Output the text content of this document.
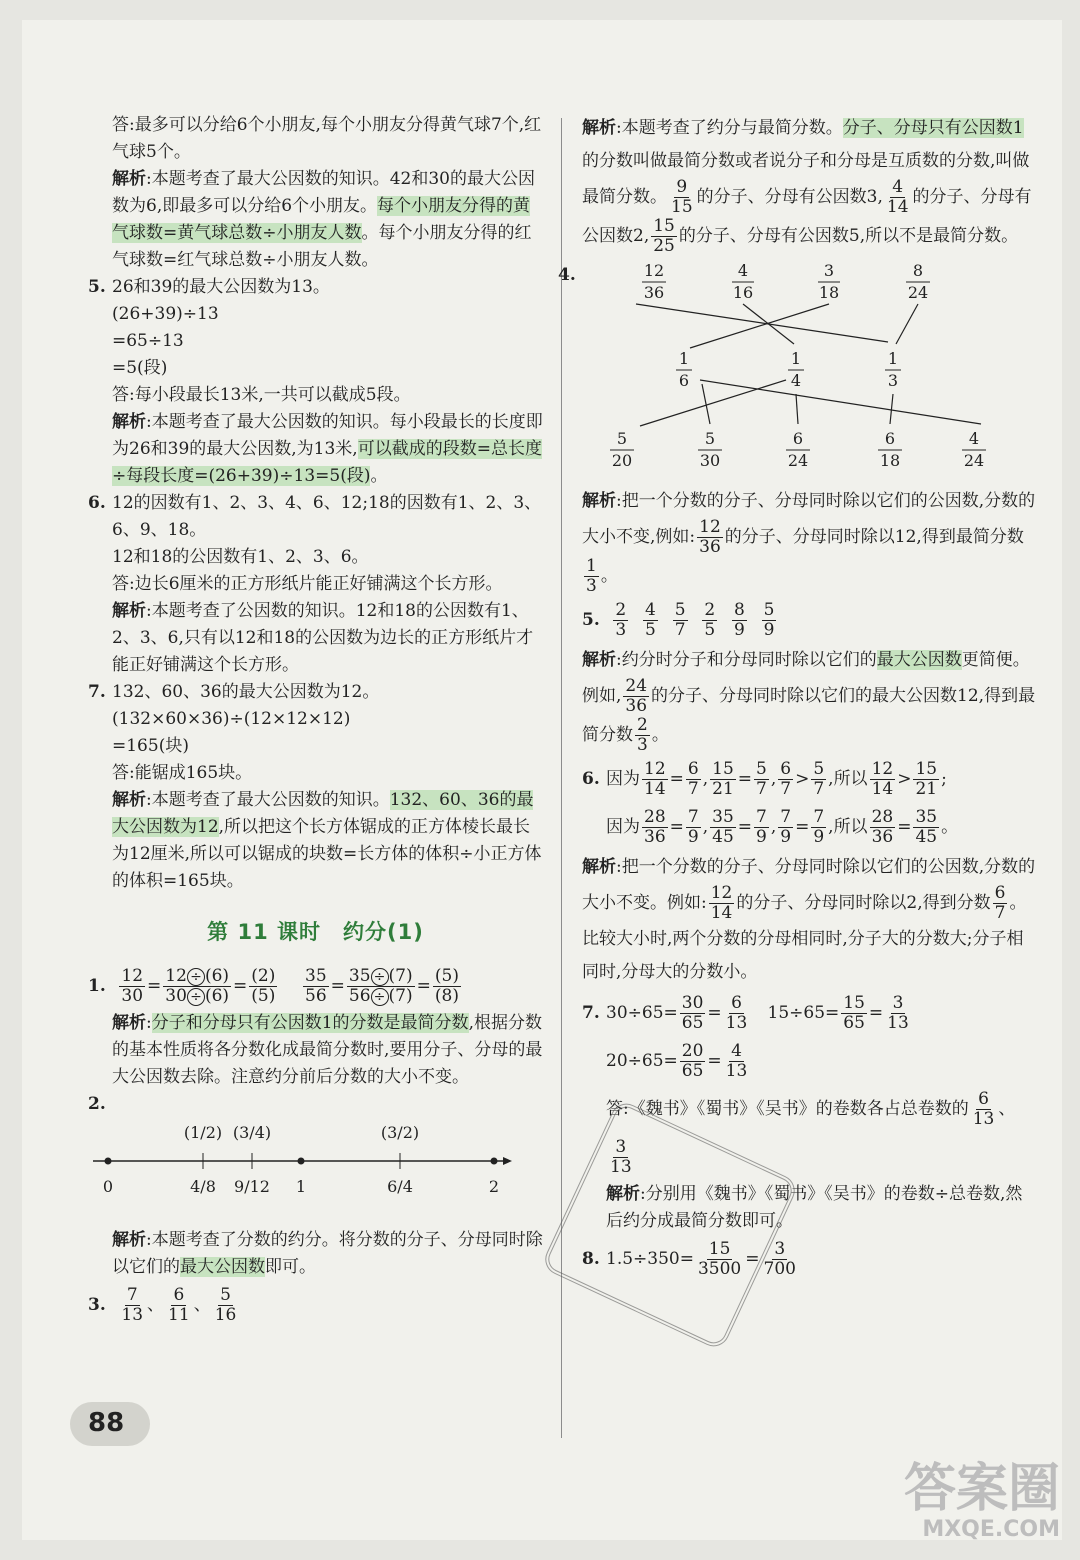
答:最多可以分给6个小朋友,每个小朋友分得黄气球7个,红气球5个。

解析:本题考查了最大公因数的知识。42和30的最大公因数为6,即最多可以分给6个小朋友。每个小朋友分得的黄气球数=黄气球总数÷小朋友人数。每个小朋友分得的红气球数=红气球总数÷小朋友人数。

5. 26和39的最大公因数为13。

(26+39)÷13

=65÷13

=5(段)

答:每小段最长13米,一共可以截成5段。

解析:本题考查了最大公因数的知识。每小段最长的长度即为26和39的最大公因数,为13米,可以截成的段数=总长度÷每段长度=(26+39)÷13=5(段)。

6. 12的因数有1、2、3、4、6、12;18的因数有1、2、3、6、9、18。

12和18的公因数有1、2、3、6。

答:边长6厘米的正方形纸片能正好铺满这个长方形。

解析:本题考查了公因数的知识。12和18的公因数有1、2、3、6,只有以12和18的公因数为边长的正方形纸片才能正好铺满这个长方形。

7. 132、60、36的最大公因数为12。

(132×60×36)÷(12×12×12)

=165(块)

答:能锯成165块。

解析:本题考查了最大公因数的知识。132、60、36的最大公因数为12,所以把这个长方体锯成的正方体棱长最长为12厘米,所以可以锯成的块数=长方体的体积÷小正方体的体积=165块。

第 11 课时　约分(1)

1. $\frac{12}{30} = \frac{12 \div (6)}{30 \div (6)} = \frac{(2)}{(5)}$
$\frac{35}{56} = \frac{35 \div (7)}{56 \div (7)} = \frac{(5)}{(8)}$

解析:分子和分母只有公因数1的分数是最简分数,根据分数的基本性质将各分数化成最简分数时,要用分子、分母的最大公因数去除。注意约分前后分数的大小不变。

2.

(1/2) (3/4)	(3/2)
0	4/8 9/12 1	6/4	2

解析:本题考查了分数的约分。将分数的分子、分母同时除以它们的最大公因数即可。

3. $\frac{7}{13}$ 、 $\frac{6}{11}$ 、 $\frac{5}{16}$

解析:本题考查了约分与最简分数。分子、分母只有公因数1的分数叫做最简分数或者说分子和分母是互质数的分数,叫做最简分数。 $\frac{9}{15}$ 的分子、分母有公因数3, $\frac{4}{14}$ 的分子、分母有公因数2, $\frac{15}{25}$ 的分子、分母有公因数5,所以不是最简分数。

4.	12
36
4
16
3
18
8
24
1
6
1
4
1
3
5
20
5
30
6
24
6
18
4
24

解析:把一个分数的分子、分母同时除以它们的公因数,分数的大小不变,例如: $\frac{12}{36}$ 的分子、分母同时除以12,得到最简分数
$\frac{1}{3}$ 。

5. $\frac{2}{3}$
$\frac{4}{5}$
$\frac{5}{7}$
$\frac{2}{5}$
$\frac{8}{9}$
$\frac{5}{9}$

解析:约分时分子和分母同时除以它们的最大公因数更简便。例如, $\frac{24}{36}$ 的分子、分母同时除以它们的最大公因数12,得到最简分数 $\frac{2}{3}$ 。

6. 因为 $\frac{12}{14} = \frac{6}{7}$ , $\frac{15}{21} = \frac{5}{7}$ , $\frac{6}{7} > \frac{5}{7}$ ,所以 $\frac{12}{14} > \frac{15}{21}$ ;

因为 $\frac{28}{36} = \frac{7}{9}$ , $\frac{35}{45} = \frac{7}{9}$ , $\frac{7}{9} = \frac{7}{9}$ ,所以 $\frac{28}{36} = \frac{35}{45}$ 。

解析:把一个分数的分子、分母同时除以它们的公因数,分数的大小不变。例如: $\frac{12}{14}$ 的分子、分母同时除以2,得到分数 $\frac{6}{7}$ 。比较大小时,两个分数的分母相同时,分子大的分数大;分子相同时,分母大的分数小。

7. $30\div 65= \frac{30}{65} = \frac{6}{13} 15\div 65= \frac{15}{65} = \frac{3}{13}$

$20\div 65= \frac{20}{65} = \frac{4}{13}$

答:《魏书》《蜀书》《吴书》的卷数各占总卷数的 $\frac{6}{13}$ 、
$\frac{3}{13}$

解析:分别用《魏书》《蜀书》《吴书》的卷数÷总卷数,然后约分成最简分数即可。

8. $1.5\div 350= \frac{15}{3500} = \frac{3}{700}$

88
答案圈
MXQE.COM
